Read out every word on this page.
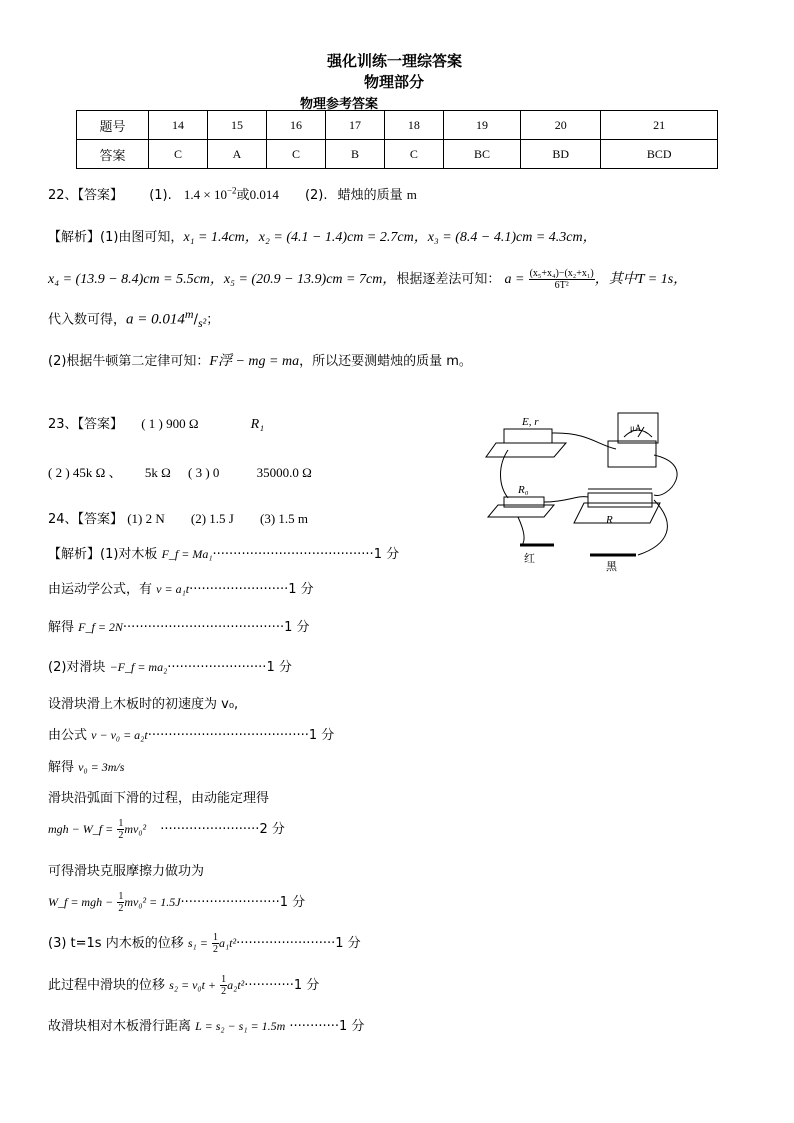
强化训练一理综答案
物理部分
物理参考答案
题号	14	15	16	17	18	19	20	21
答案	C	A	C	B	C	BC	BD	BCD
22、【答案】 (1). $1.4 \times 10^{-2}$或0.014 (2). 蜡烛的质量 m
【解析】(1)由图可知，x₁ = 1.4cm，x₂ = (4.1 − 1.4)cm = 2.7cm，x₃ = (8.4 − 4.1)cm = 4.3cm，
x₄ = (13.9 − 8.4)cm = 5.5cm，x₅ = (20.9 − 13.9)cm = 7cm，根据逐差法可知： $a = \frac{\text{(x₅+x₄)−(x₂+x₁)}}{\text{6T²}}$ ，其中T = 1s，
代入数可得，$a = 0.014^m/_{s^2}$；
(2)根据牛顿第二定律可知：F浮 − mg = ma，所以还要测蜡烛的质量 m。
23、【答案】 ( 1 ) 900 Ω	R₁
( 2 ) 45k Ω 、 5k Ω ( 3 ) 0	35000.0 Ω
E, r	μA
R₀
R
红
黑
24、【答案】 (1) 2 N (2) 1.5 J (3) 1.5 m
【解析】(1)对木板 F_f = Ma₁·······································1 分
由运动学公式，有 v = a₁t························1 分
解得 F_f = 2N·······································1 分
(2)对滑块 −F_f = ma₂························1 分
设滑块滑上木板时的初速度为 v₀,
由公式 v − v₀ = a₂t·······································1 分
解得 v₀ = 3m/s
滑块沿弧面下滑的过程，由动能定理得
mgh − W_f = $\frac{1}{2} mv_0^2 \cdot\cdot\cdot\cdot\cdot\cdot\cdot\cdot\cdot\cdot\cdot\cdot\cdot\cdot\cdot\cdot\cdot\cdot\cdot\cdot\cdot\cdot\cdot\cdot 2$ 分
可得滑块克服摩擦力做功为
W_f = mgh − $\frac{1}{2} mv_0^2 = 1.5J\cdot\cdot\cdot\cdot\cdot\cdot\cdot\cdot\cdot\cdot\cdot\cdot\cdot\cdot\cdot\cdot\cdot\cdot\cdot\cdot\cdot\cdot\cdot\cdot 1$ 分
(3) t=1s 内木板的位移 $s_1 = \frac{1}{2} a_1t^2\cdot\cdot\cdot\cdot\cdot\cdot\cdot\cdot\cdot\cdot\cdot\cdot\cdot\cdot\cdot\cdot\cdot\cdot\cdot\cdot\cdot\cdot\cdot\cdot 1$ 分
此过程中滑块的位移 $s_2 = v_0t + \frac{1}{2} a_2t^2\cdot\cdot\cdot\cdot\cdot\cdot\cdot\cdot\cdot\cdot\cdot\cdot 1$ 分
故滑块相对木板滑行距离 L = s₂ − s₁ = 1.5m ············1 分
